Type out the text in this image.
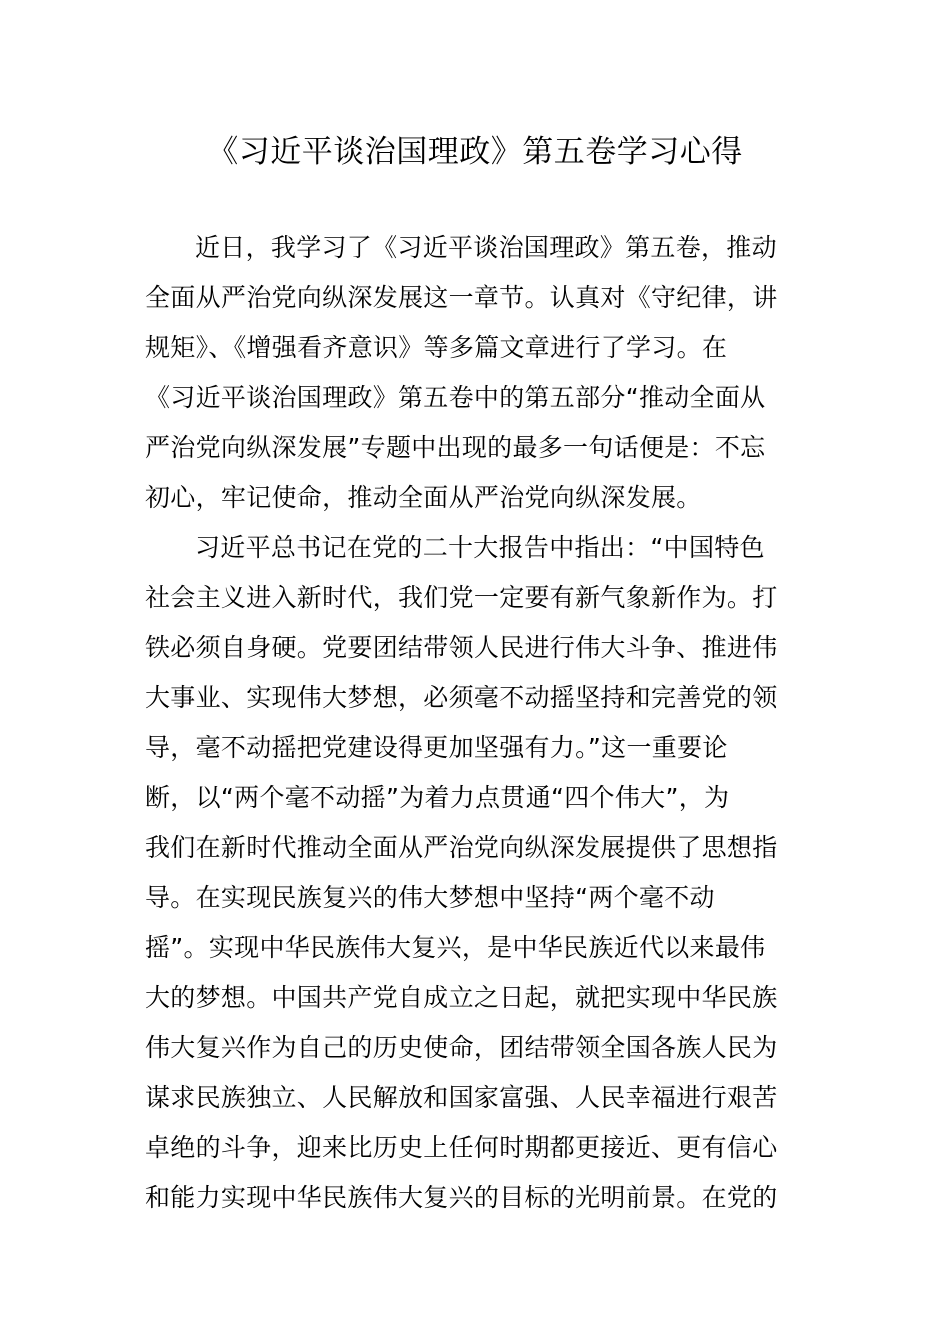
《习近平谈治国理政》第五卷学习心得

近日，我学习了《习近平谈治国理政》第五卷，推动

全面从严治党向纵深发展这一章节。认真对《守纪律，讲

规矩》、《增强看齐意识》等多篇文章进行了学习。在

《习近平谈治国理政》第五卷中的第五部分“推动全面从

严治党向纵深发展”专题中出现的最多一句话便是：不忘

初心，牢记使命，推动全面从严治党向纵深发展。

习近平总书记在党的二十大报告中指出：“中国特色

社会主义进入新时代，我们党一定要有新气象新作为。打

铁必须自身硬。党要团结带领人民进行伟大斗争、推进伟

大事业、实现伟大梦想，必须毫不动摇坚持和完善党的领

导，毫不动摇把党建设得更加坚强有力。”这一重要论

断，以“两个毫不动摇”为着力点贯通“四个伟大”，为

我们在新时代推动全面从严治党向纵深发展提供了思想指

导。在实现民族复兴的伟大梦想中坚持“两个毫不动

摇”。实现中华民族伟大复兴，是中华民族近代以来最伟

大的梦想。中国共产党自成立之日起，就把实现中华民族

伟大复兴作为自己的历史使命，团结带领全国各族人民为

谋求民族独立、人民解放和国家富强、人民幸福进行艰苦

卓绝的斗争，迎来比历史上任何时期都更接近、更有信心

和能力实现中华民族伟大复兴的目标的光明前景。在党的
